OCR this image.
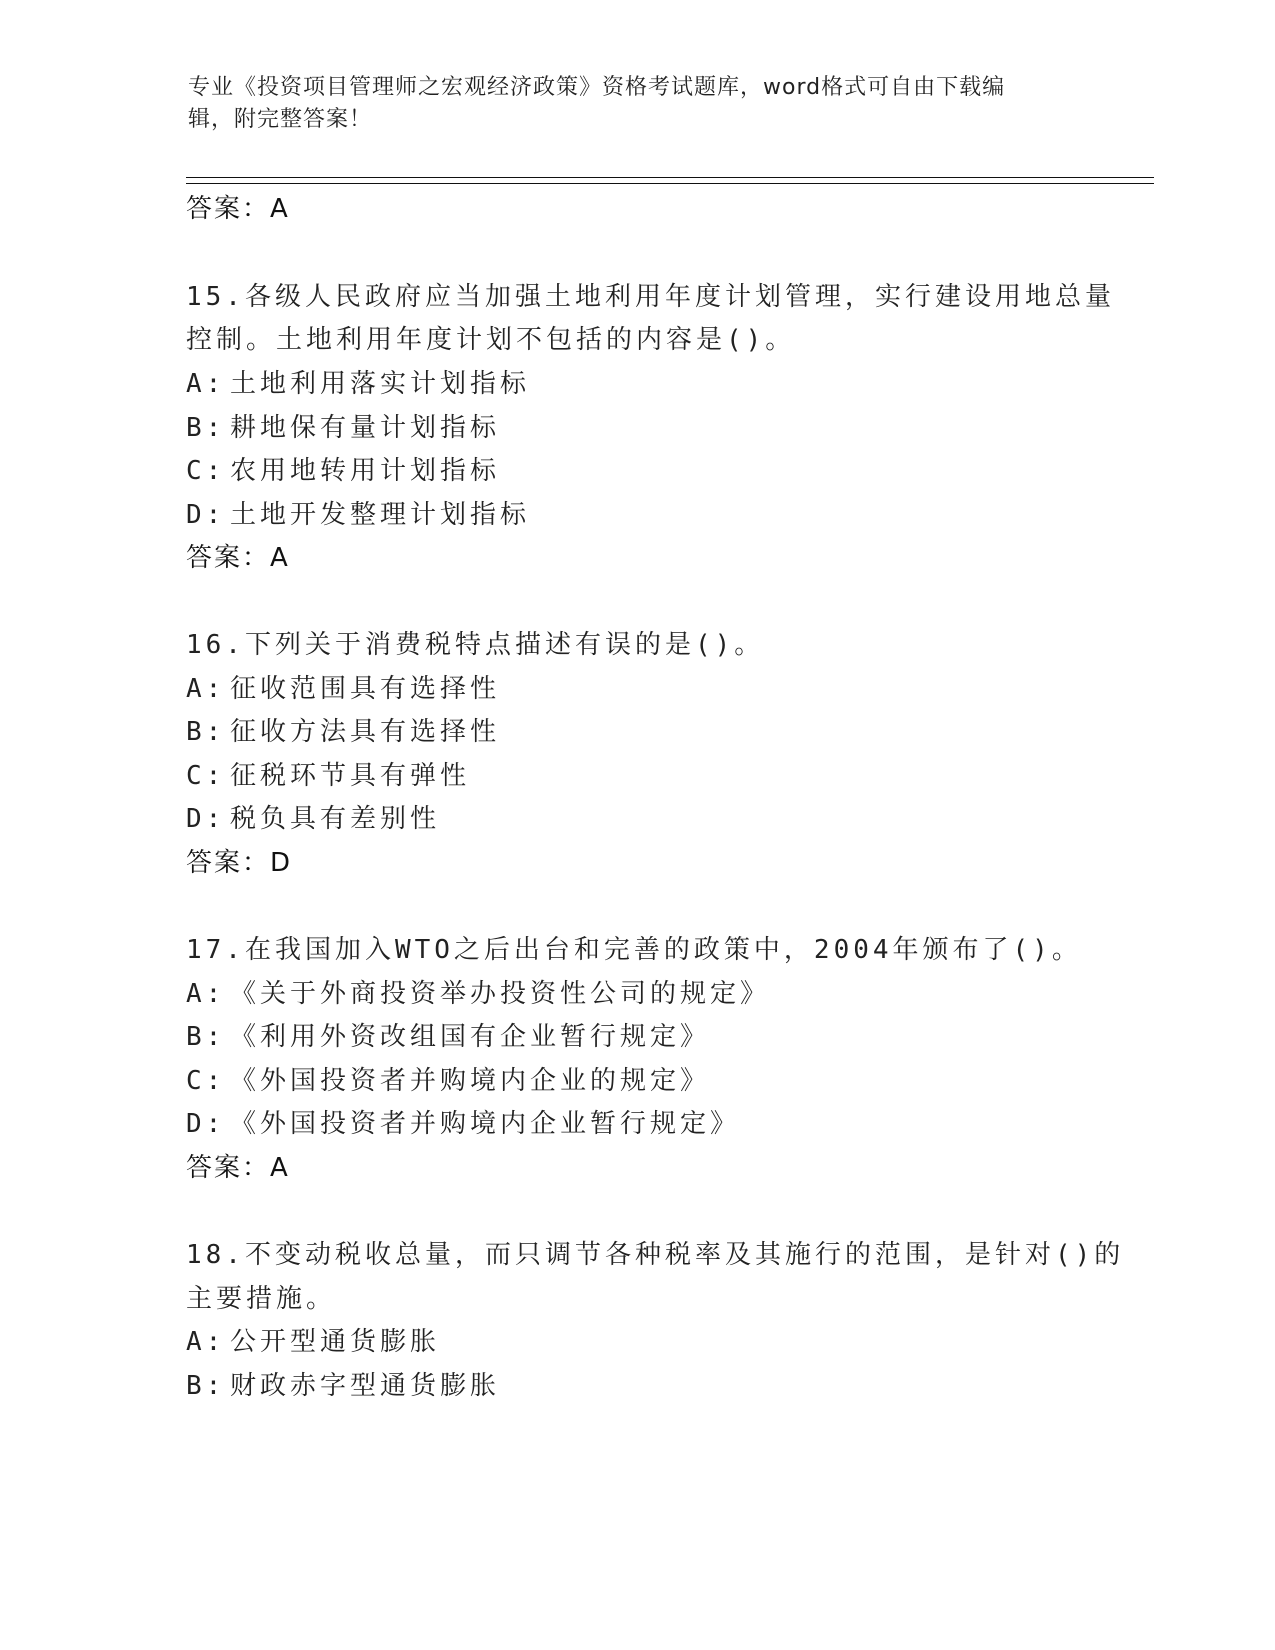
专业《投资项目管理师之宏观经济政策》资格考试题库，word格式可自由下载编
辑，附完整答案！
答案：A
15.各级人民政府应当加强土地利用年度计划管理，实行建设用地总量
控制。土地利用年度计划不包括的内容是()。
A: 土地利用落实计划指标
B: 耕地保有量计划指标
C: 农用地转用计划指标
D: 土地开发整理计划指标
答案：A
16.下列关于消费税特点描述有误的是()。
A: 征收范围具有选择性
B: 征收方法具有选择性
C: 征税环节具有弹性
D: 税负具有差别性
答案：D
17.在我国加入WTO之后出台和完善的政策中，2004年颁布了()。
A: 《关于外商投资举办投资性公司的规定》
B: 《利用外资改组国有企业暂行规定》
C: 《外国投资者并购境内企业的规定》
D: 《外国投资者并购境内企业暂行规定》
答案：A
18.不变动税收总量，而只调节各种税率及其施行的范围，是针对()的
主要措施。
A: 公开型通货膨胀
B: 财政赤字型通货膨胀
